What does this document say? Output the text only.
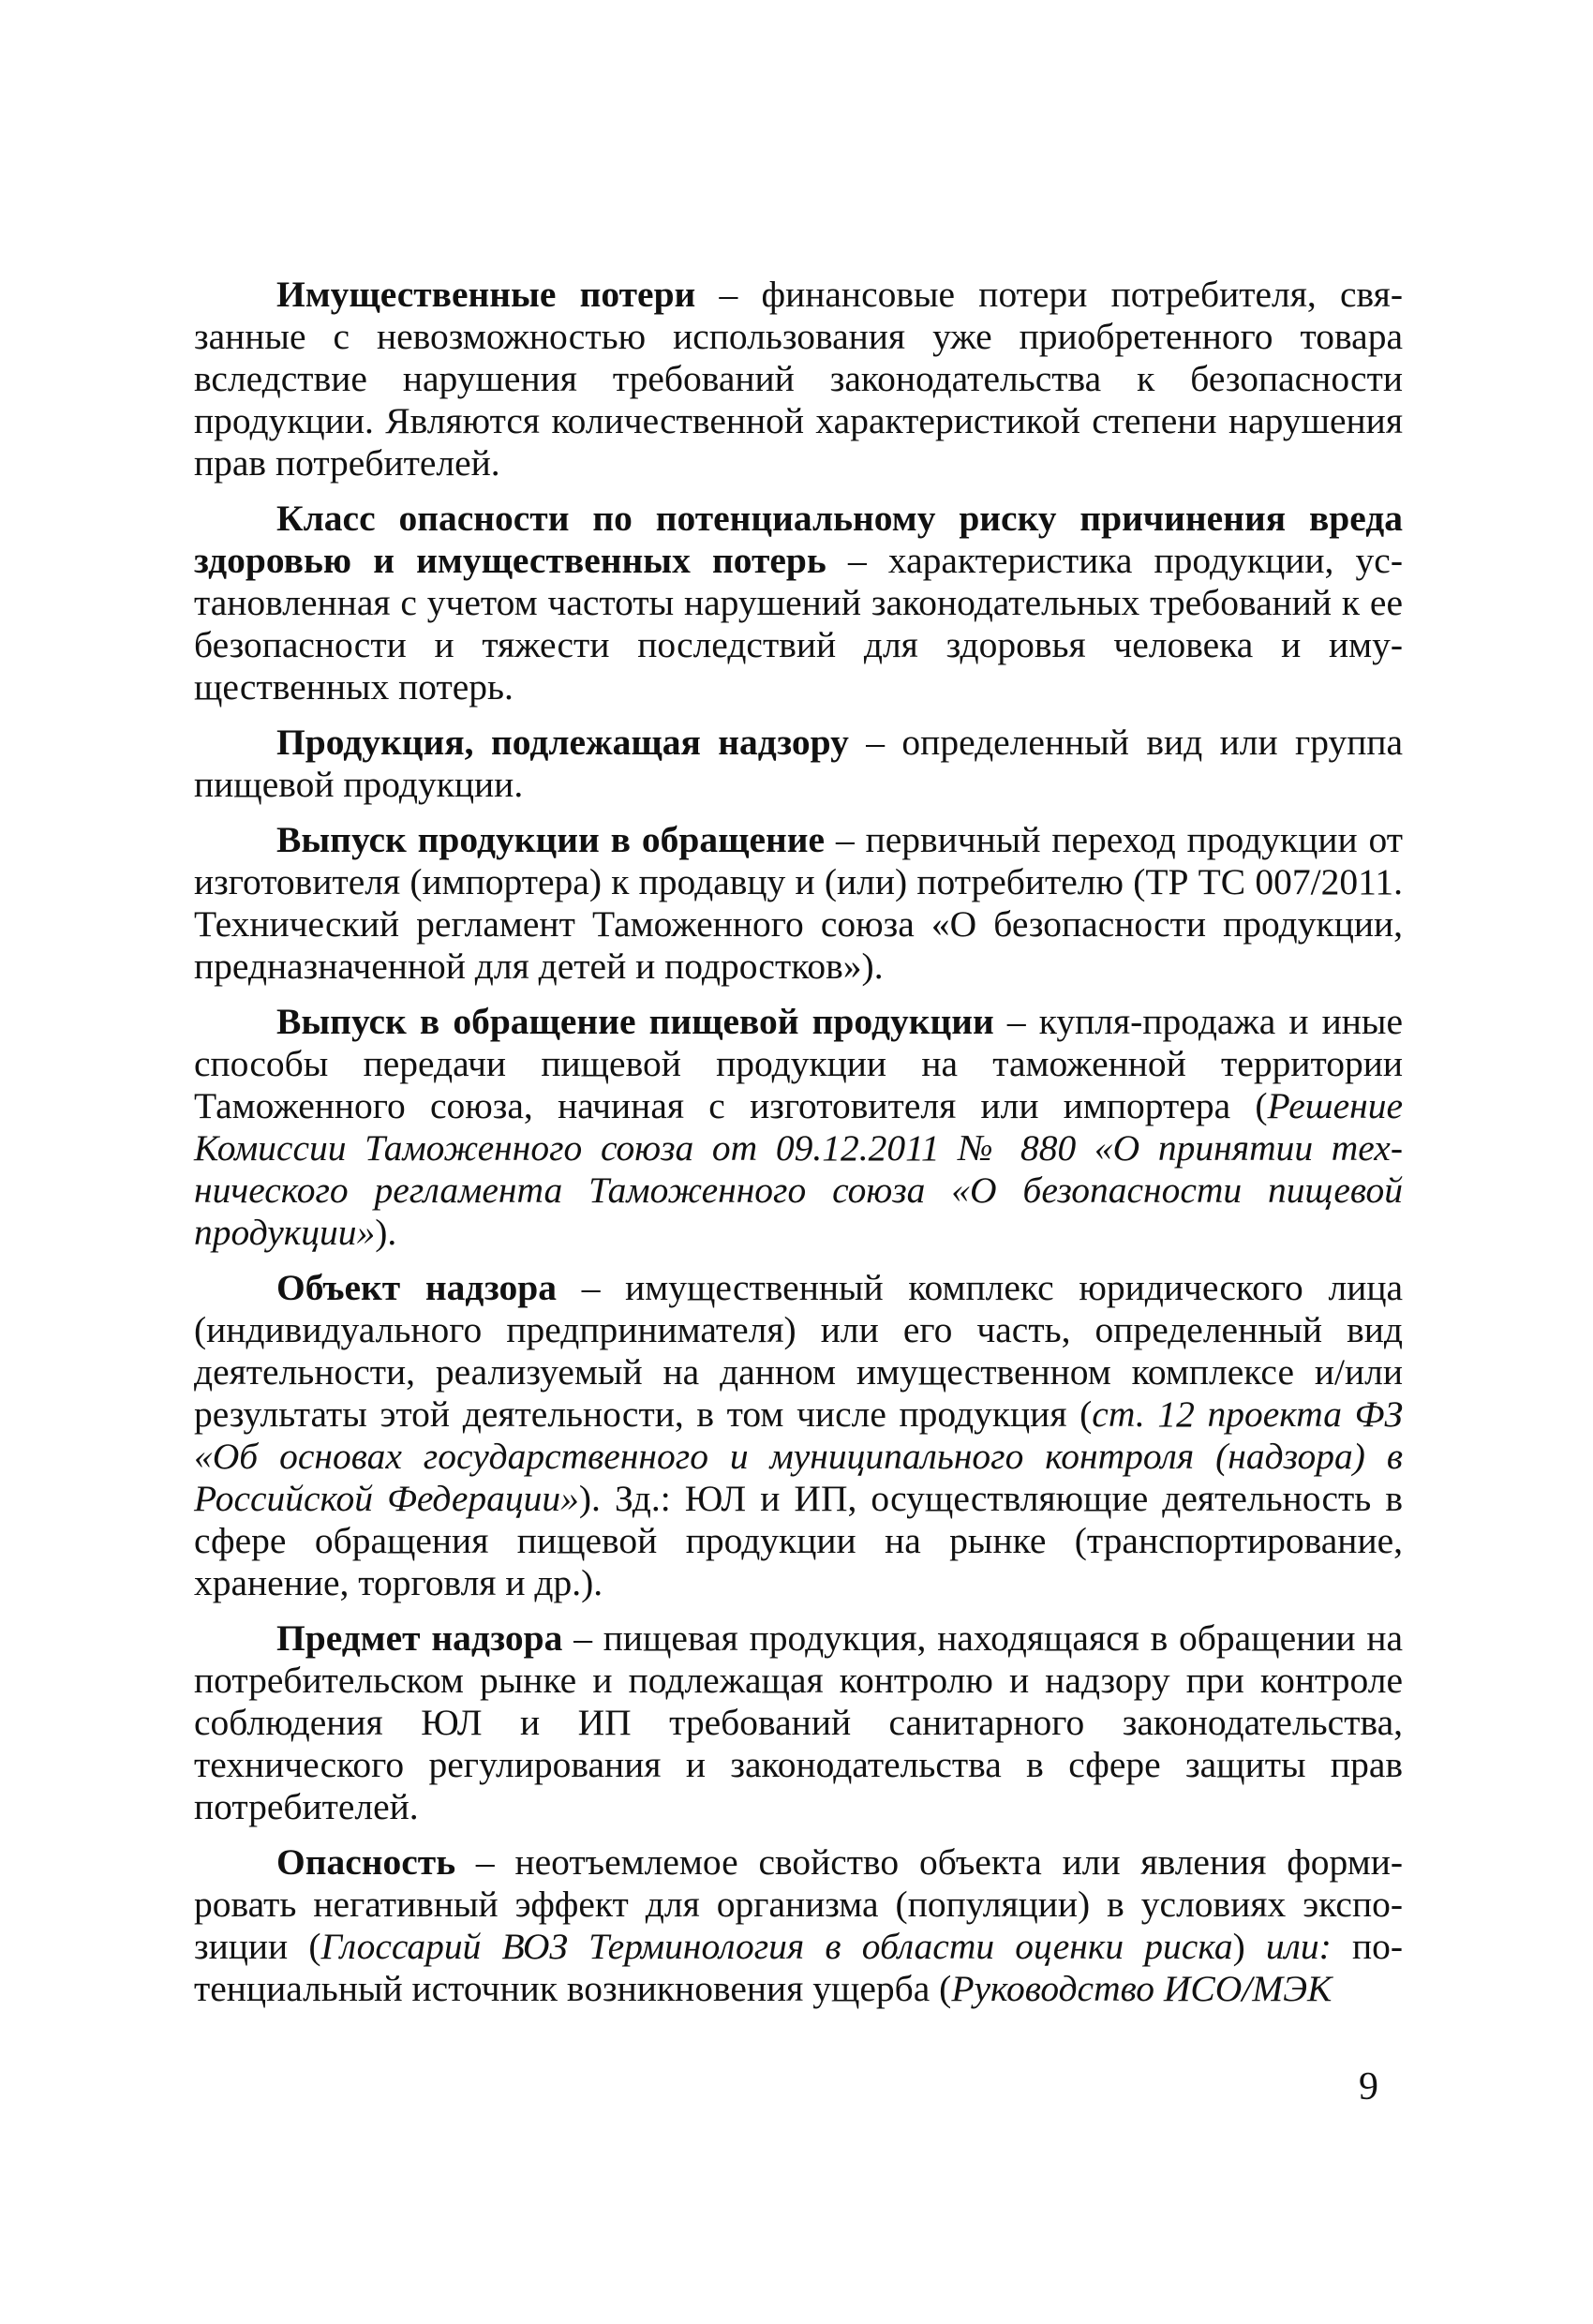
Имущественные потери – финансовые потери потребителя, связанные с невозможностью использования уже приобретенного товара вследствие нарушения требований законодательства к безопасности продукции. Являются количественной характеристикой степени нарушения прав потребителей.

Класс опасности по потенциальному риску причинения вреда здоровью и имущественных потерь – характеристика продукции, установленная с учетом частоты нарушений законодательных требований к ее безопасности и тяжести последствий для здоровья человека и имущественных потерь.

Продукция, подлежащая надзору – определенный вид или группа пищевой продукции.

Выпуск продукции в обращение – первичный переход продукции от изготовителя (импортера) к продавцу и (или) потребителю (ТР ТС 007/2011. Технический регламент Таможенного союза «О безопасности продукции, предназначенной для детей и подростков»).

Выпуск в обращение пищевой продукции – купля-продажа и иные способы передачи пищевой продукции на таможенной территории Таможенного союза, начиная с изготовителя или импортера (Решение Комиссии Таможенного союза от 09.12.2011 № 880 «О принятии технического регламента Таможенного союза «О безопасности пищевой продукции»).

Объект надзора – имущественный комплекс юридического лица (индивидуального предпринимателя) или его часть, определенный вид деятельности, реализуемый на данном имущественном комплексе и/или результаты этой деятельности, в том числе продукция (ст. 12 проекта ФЗ «Об основах государственного и муниципального контроля (надзора) в Российской Федерации»). Зд.: ЮЛ и ИП, осуществляющие деятельность в сфере обращения пищевой продукции на рынке (транспортирование, хранение, торговля и др.).

Предмет надзора – пищевая продукция, находящаяся в обращении на потребительском рынке и подлежащая контролю и надзору при контроле соблюдения ЮЛ и ИП требований санитарного законодательства, технического регулирования и законодательства в сфере защиты прав потребителей.

Опасность – неотъемлемое свойство объекта или явления формировать негативный эффект для организма (популяции) в условиях экспозиции (Глоссарий ВОЗ Терминология в области оценки риска) или: потенциальный источник возникновения ущерба (Руководство ИСО/МЭК

9
